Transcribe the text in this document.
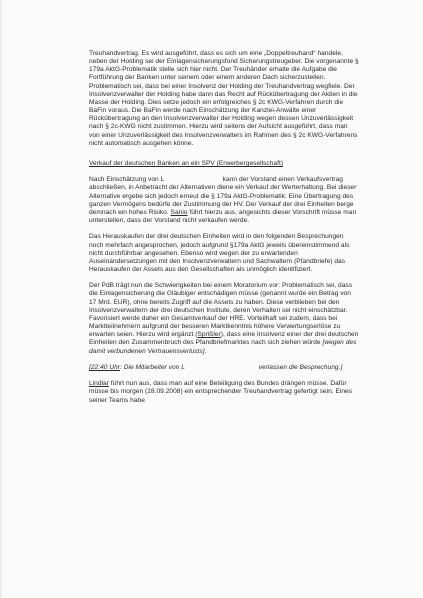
Treuhandvertrag. Es wird ausgeführt, dass es sich um eine „Doppeltreuhand“ handele, neben der Holding sei der Einlagensicherungsfond Sicherungstreugeber. Die vorgenannte § 179a AktG-Problematik stelle sich hier nicht. Der Treuhänder erhalte die Aufgabe die Fortführung der Banken unter seinem oder einem anderen Dach sicherzustellen. Problematisch sei, dass bei einer Insolvenz der Holding der Treuhandvertrag wegfiele. Der Insolvenzverwalter der Holding habe dann das Recht auf Rückübertragung der Aktien in die Masse der Holding. Dies setze jedoch ein erfolgreiches § 2c KWG-Verfahren durch die BaFin voraus. Die BaFin werde nach Einschätzung der Kanzlei-Anwälte einer Rückübertragung an den Insolvenzverwalter der Holding wegen dessen Unzuverlässigkeit nach § 2c-KWG nicht zustimmen. Hierzu wird seitens der Aufsicht ausgeführt, dass man von einer Unzuverlässigkeit des Insolvenzverwalters im Rahmen des § 2c KWG-Verfahrens nicht automatisch ausgehen könne.

Verkauf der deutschen Banken an ein SPV (Erwerbergesellschaft)

Nach Einschätzung von L	kann der Vorstand einen Verkaufsvertrag abschließen, in Anbetracht der Alternativen diene ein Verkauf der Werterhaltung. Bei dieser Alternative ergebe sich jedoch erneut die § 179a AktG-Problematik: Eine Übertragung des ganzen Vermögens bedürfe der Zustimmung der HV. Der Verkauf der drei Einheiten berge demnach ein hohes Risiko. Sanio führt hierzu aus, angesichts dieser Vorschrift müsse man unterstellen, dass der Vorstand nicht verkaufen werde.

Das Herauskaufen der drei deutschen Einheiten wird in den folgenden Besprechungen noch mehrfach angesprochen, jedoch aufgrund §179a AktG jeweils übereinstimmend als nicht durchführbar angesehen. Ebenso wird wegen der zu erwartenden Auseinandersetzungen mit den Insolvenzverwaltern und Sachwaltern (Pfandbriefe) das Herauskaufen der Assets aus den Gesellschaften als unmöglich identifiziert.

Der PdB trägt nun die Schwierigkeiten bei einem Moratorium vor: Problematisch sei, dass die Einlagensicherung die Gläubiger entschädigen müsse (genannt wurde ein Betrag von 17 Mrd. EUR), ohne bereits Zugriff auf die Assets zu haben. Diese verblieben bei den Insolvenzverwaltern der drei deutschen Institute, deren Verhalten sei nicht einschätzbar. Favorisiert werde daher ein Gesamtverkauf der HRE. Vorteilhaft sei zudem, dass bei Marktteilnehmern aufgrund der besseren Marktkenntnis höhere Verwertungserlöse zu erwarten seien. Hierzu wird ergänzt (Sprißler), dass eine Insolvenz einer der drei deutschen Einheiten den Zusammenbruch des Pfandbriefmarktes nach sich ziehen würde [wegen des damit verbundenen Vertrauensverlusts].

[22:40 Uhr: Die Mitarbeiter von L	verlassen die Besprechung.]

Lindlar führt nun aus, dass man auf eine Beteiligung des Bundes drängen müsse. Dafür müsse bis morgen (28.09.2008) ein entsprechender Treuhandvertrag gefertigt sein. Eines seiner Teams habe
